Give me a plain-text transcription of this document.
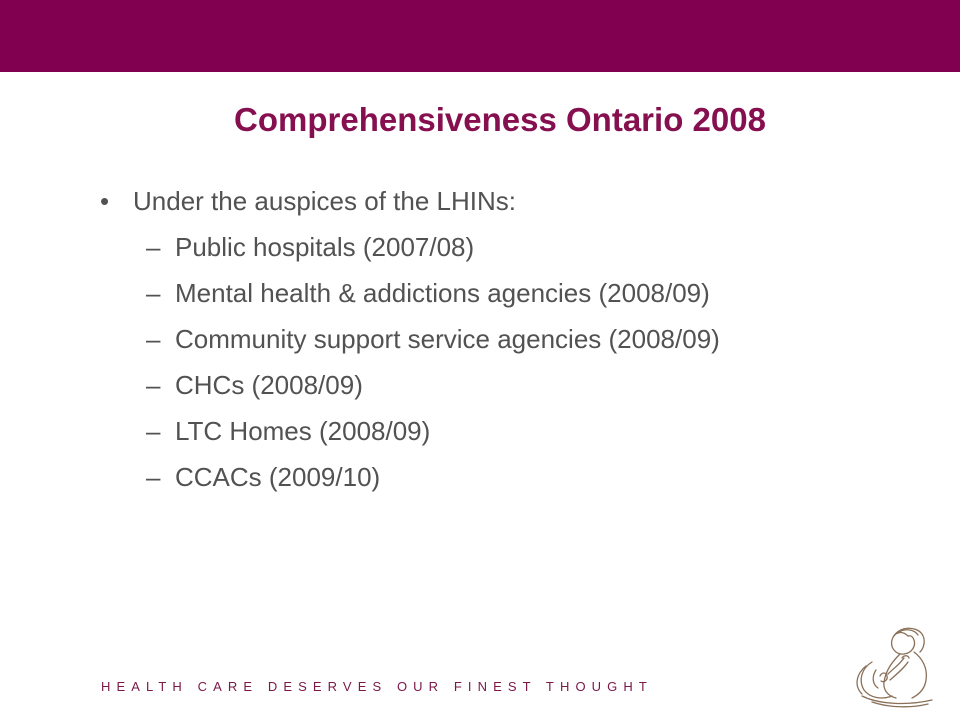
Comprehensiveness Ontario 2008
• Under the auspices of the LHINs:
– Public hospitals (2007/08)
– Mental health & addictions agencies (2008/09)
– Community support service agencies (2008/09)
– CHCs (2008/09)
– LTC Homes (2008/09)
– CCACs (2009/10)
HEALTH CARE DESERVES OUR FINEST THOUGHT
